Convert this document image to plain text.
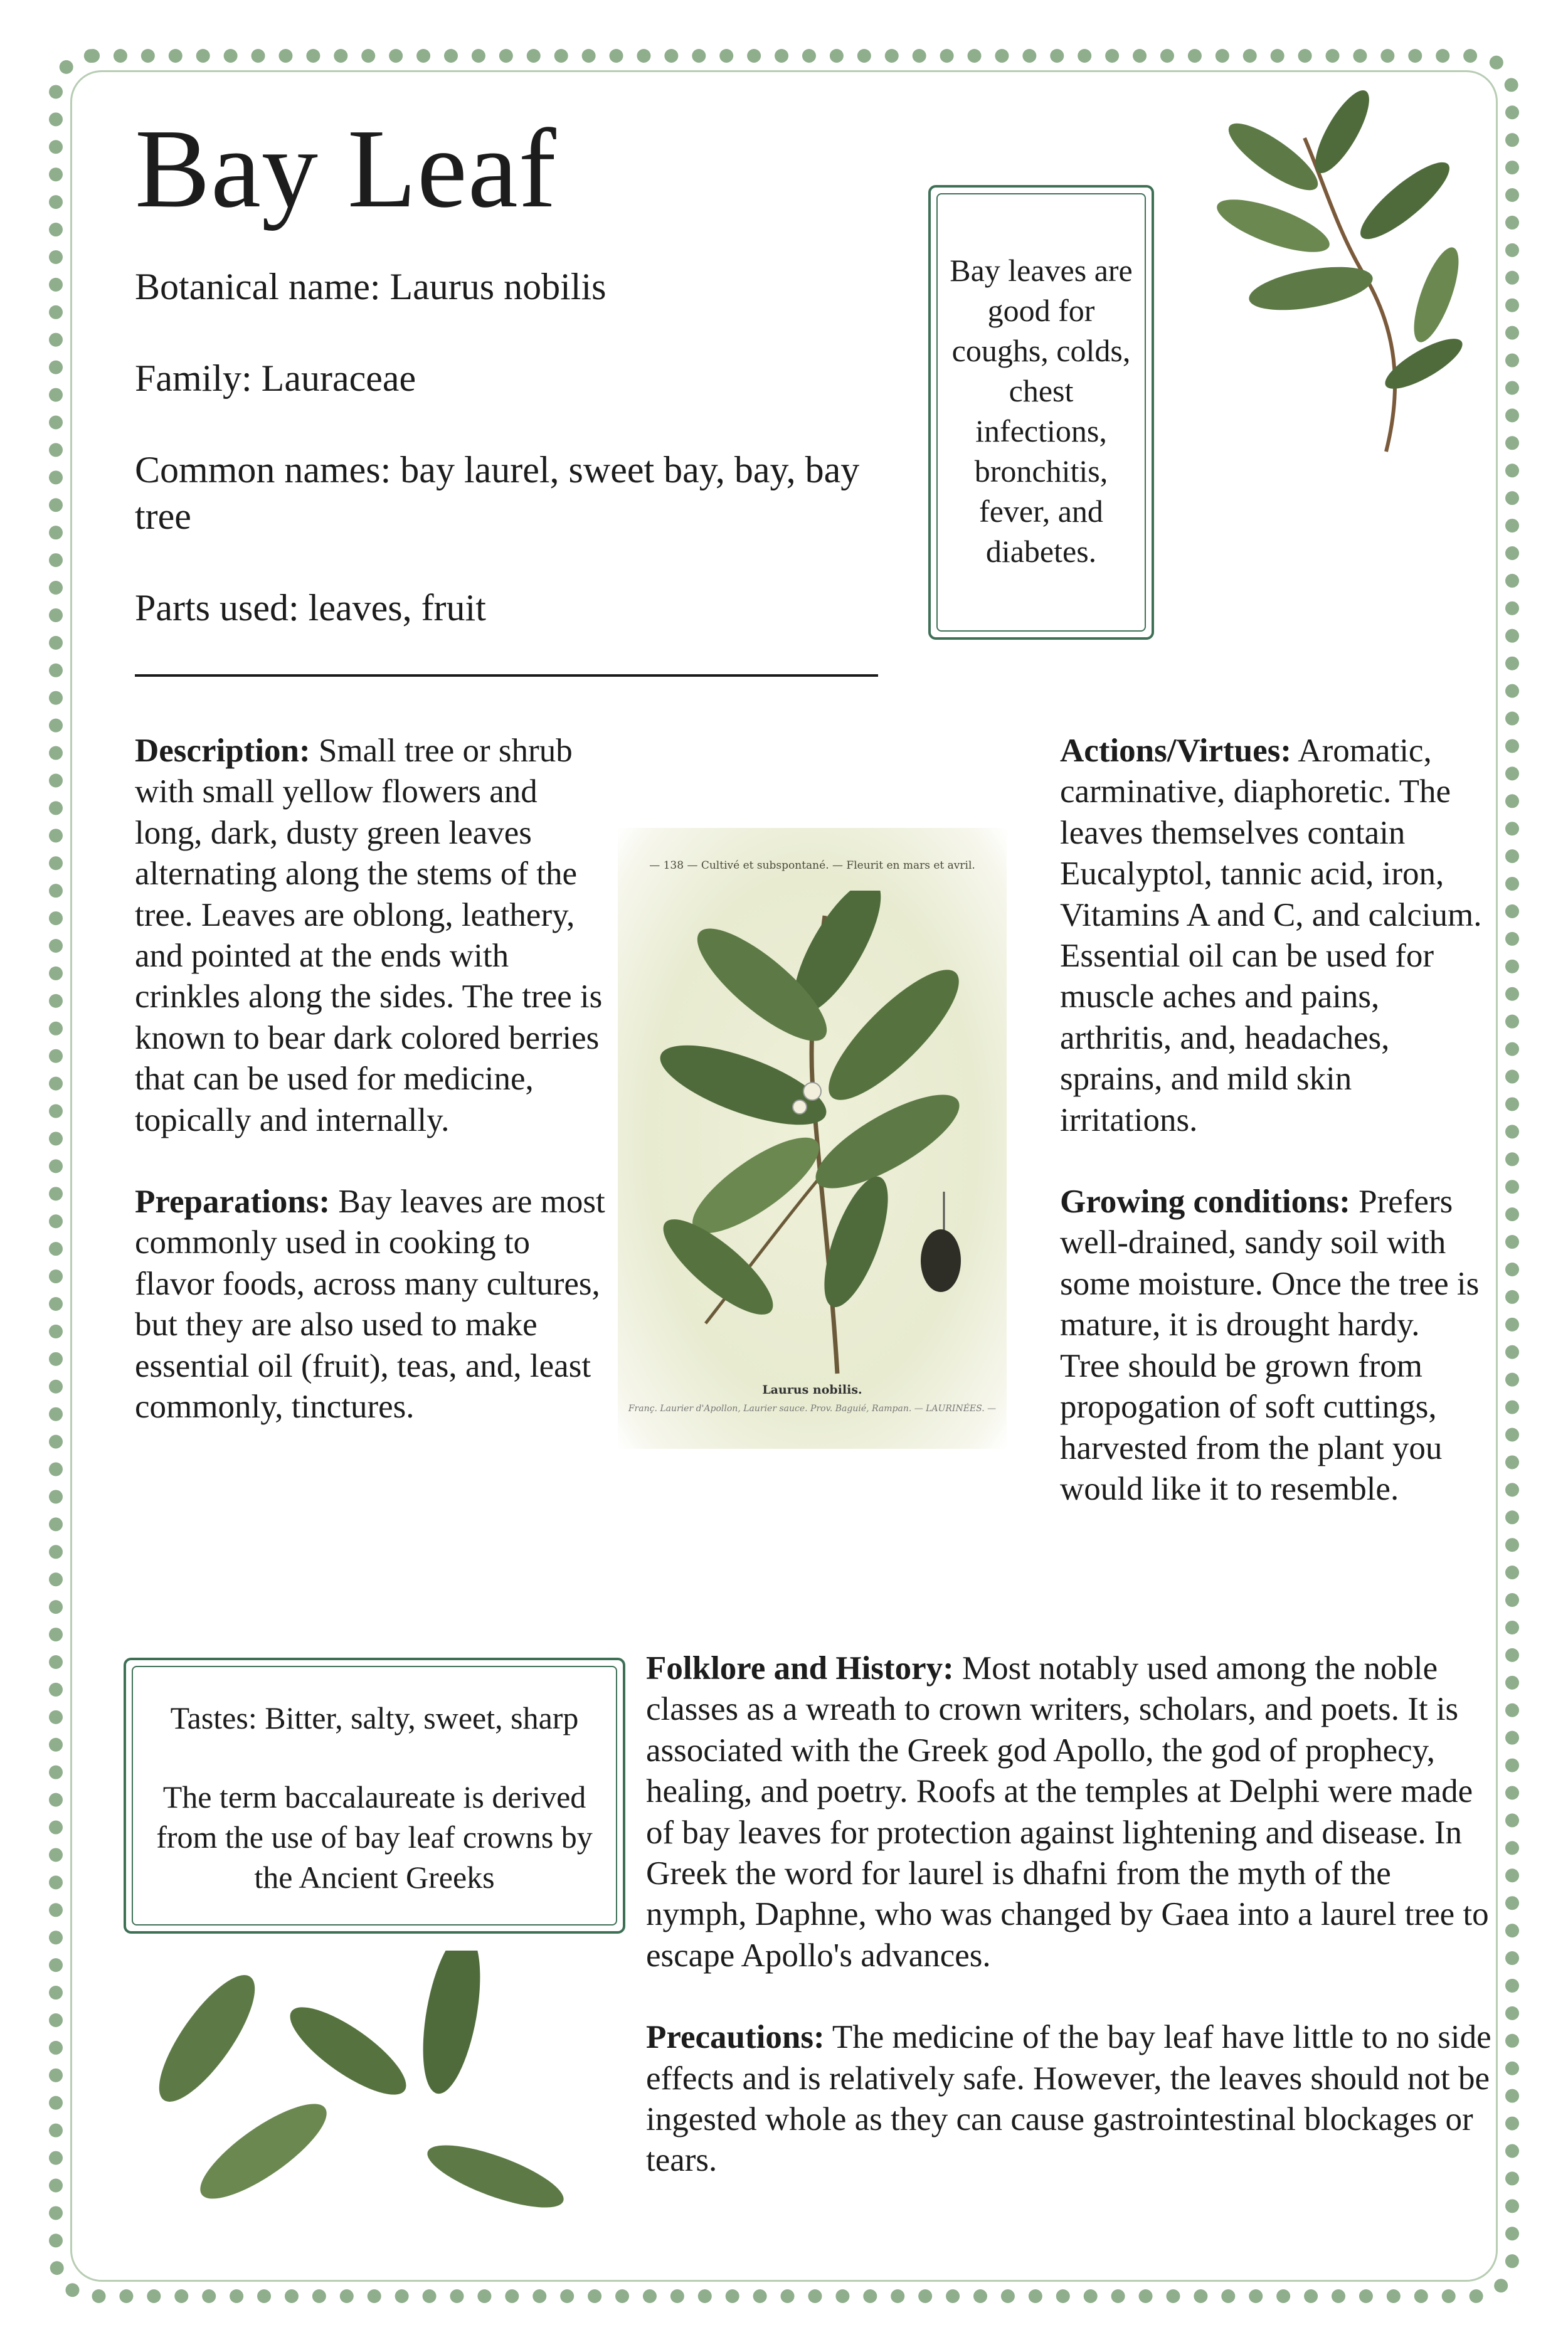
Bay Leaf

Botanical name: Laurus nobilis

Family: Lauraceae

Common names: bay laurel, sweet bay, bay, bay tree

Parts used: leaves, fruit

Bay leaves are good for coughs, colds, chest infections, bronchitis, fever, and diabetes.

Description: Small tree or shrub with small yellow flowers and long, dark, dusty green leaves alternating along the stems of the tree. Leaves are oblong, leathery, and pointed at the ends with crinkles along the sides. The tree is known to bear dark colored berries that can be used for medicine, topically and internally.

Preparations: Bay leaves are most commonly used in cooking to flavor foods, across many cultures, but they are also used to make essential oil (fruit), teas, and, least commonly, tinctures.

— 138 — Cultivé et subspontané. — Fleurit en mars et avril.
Laurus nobilis.
Franç. Laurier d'Apollon, Laurier sauce. Prov. Baguié, Rampan. — LAURINÉES. —

Actions/Virtues: Aromatic, carminative, diaphoretic. The leaves themselves contain Eucalyptol, tannic acid, iron, Vitamins A and C, and calcium. Essential oil can be used for muscle aches and pains, arthritis, and, headaches, sprains, and mild skin irritations.

Growing conditions: Prefers well-drained, sandy soil with some moisture. Once the tree is mature, it is drought hardy. Tree should be grown from propogation of soft cuttings, harvested from the plant you would like it to resemble.

Tastes: Bitter, salty, sweet, sharp

The term baccalaureate is derived from the use of bay leaf crowns by the Ancient Greeks

Folklore and History: Most notably used among the noble classes as a wreath to crown writers, scholars, and poets. It is associated with the Greek god Apollo, the god of prophecy, healing, and poetry. Roofs at the temples at Delphi were made of bay leaves for protection against lightening and disease. In Greek the word for laurel is dhafni from the myth of the nymph, Daphne, who was changed by Gaea into a laurel tree to escape Apollo's advances.

Precautions: The medicine of the bay leaf have little to no side effects and is relatively safe. However, the leaves should not be ingested whole as they can cause gastrointestinal blockages or tears.
